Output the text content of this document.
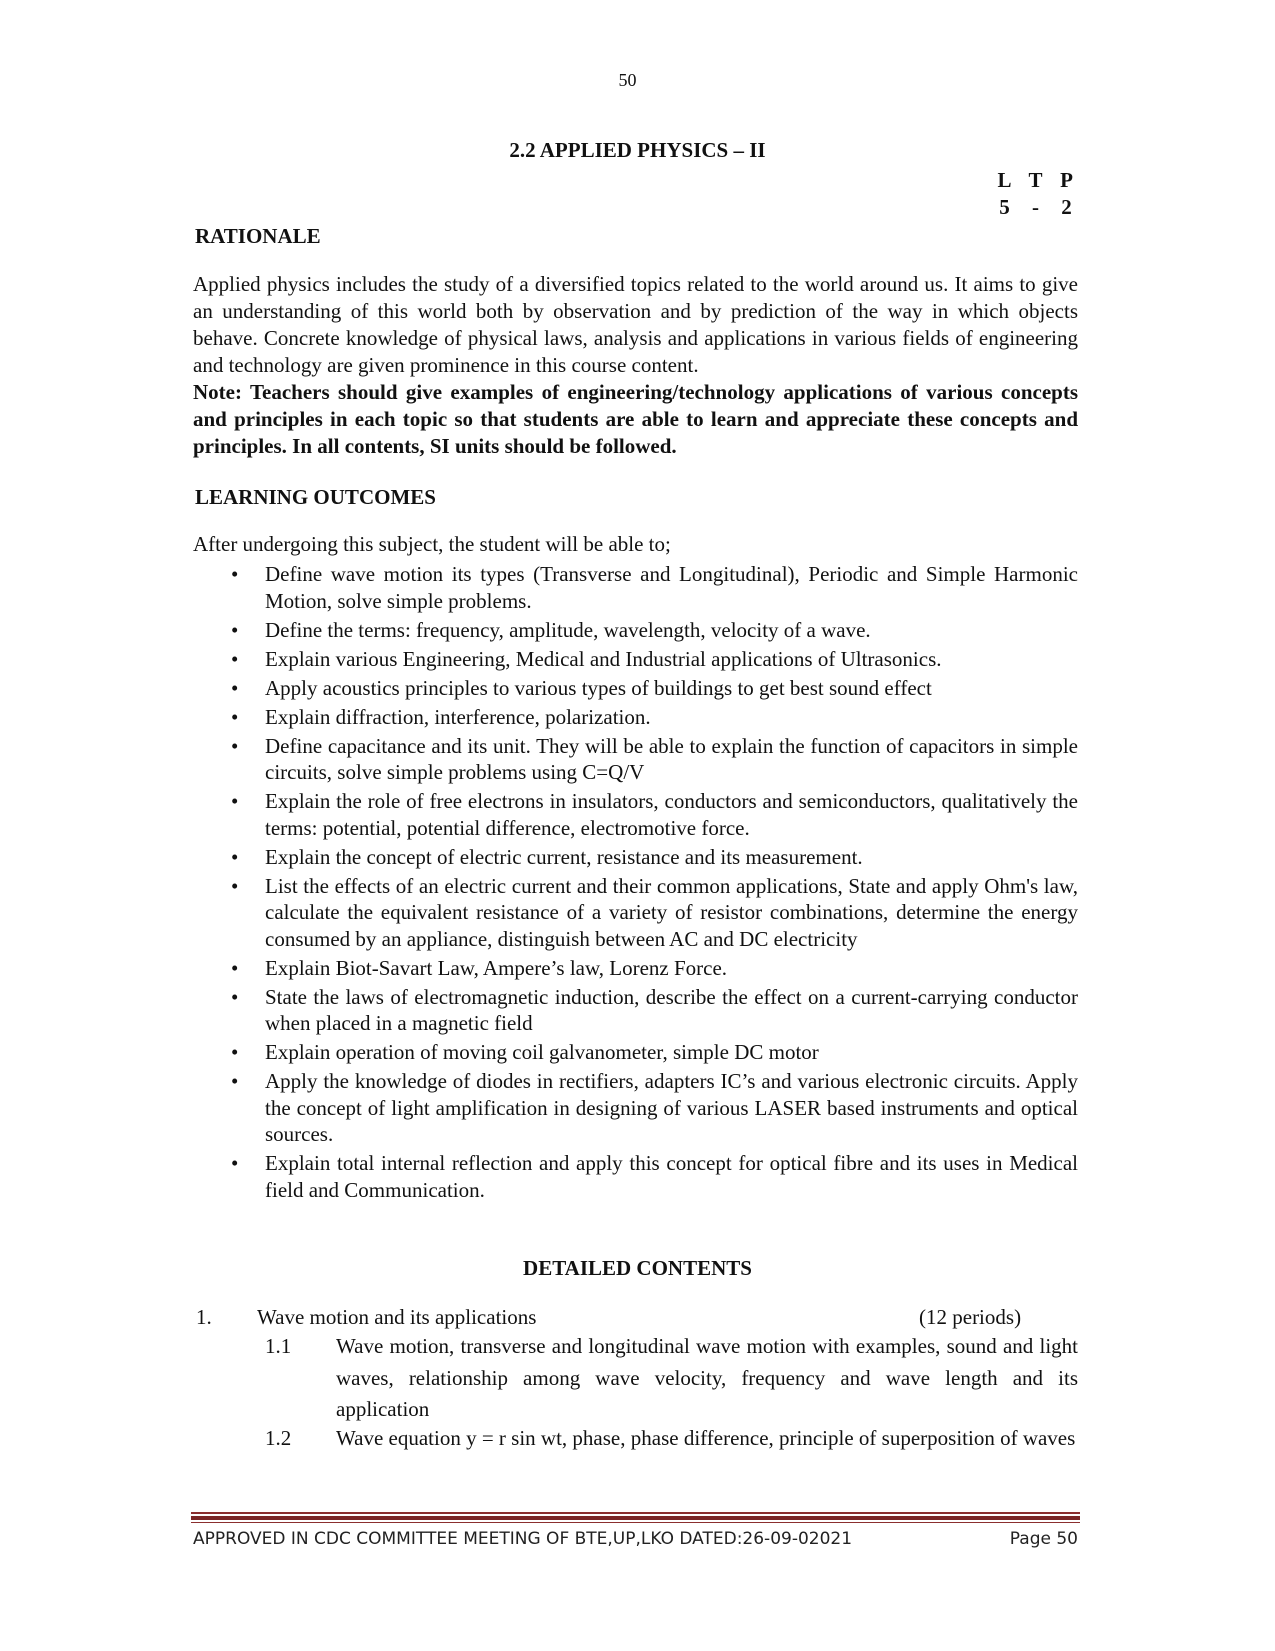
50
2.2 APPLIED PHYSICS – II
L T P
5	-	2
RATIONALE
Applied physics includes the study of a diversified topics related to the world around us. It aims to give an understanding of this world both by observation and by prediction of the way in which objects behave. Concrete knowledge of physical laws, analysis and applications in various fields of engineering and technology are given prominence in this course content.
Note: Teachers should give examples of engineering/technology applications of various concepts and principles in each topic so that students are able to learn and appreciate these concepts and principles. In all contents, SI units should be followed.
LEARNING OUTCOMES
After undergoing this subject, the student will be able to;
• Define wave motion its types (Transverse and Longitudinal), Periodic and Simple Harmonic Motion, solve simple problems.
• Define the terms: frequency, amplitude, wavelength, velocity of a wave.
• Explain various Engineering, Medical and Industrial applications of Ultrasonics.
• Apply acoustics principles to various types of buildings to get best sound effect
• Explain diffraction, interference, polarization.
• Define capacitance and its unit. They will be able to explain the function of capacitors in simple circuits, solve simple problems using C=Q/V
• Explain the role of free electrons in insulators, conductors and semiconductors, qualitatively the terms: potential, potential difference, electromotive force.
• Explain the concept of electric current, resistance and its measurement.
• List the effects of an electric current and their common applications, State and apply Ohm's law, calculate the equivalent resistance of a variety of resistor combinations, determine the energy consumed by an appliance, distinguish between AC and DC electricity
• Explain Biot-Savart Law, Ampere’s law, Lorenz Force.
• State the laws of electromagnetic induction, describe the effect on a current-carrying conductor when placed in a magnetic field
• Explain operation of moving coil galvanometer, simple DC motor
• Apply the knowledge of diodes in rectifiers, adapters IC’s and various electronic circuits. Apply the concept of light amplification in designing of various LASER based instruments and optical sources.
• Explain total internal reflection and apply this concept for optical fibre and its uses in Medical field and Communication.
DETAILED CONTENTS
1. Wave motion and its applications	(12 periods)
1.1 Wave motion, transverse and longitudinal wave motion with examples, sound and light waves, relationship among wave velocity, frequency and wave length and its application
1.2 Wave equation y = r sin wt, phase, phase difference, principle of superposition of waves
APPROVED IN CDC COMMITTEE MEETING OF BTE,UP,LKO DATED:26-09-02021	Page 50
